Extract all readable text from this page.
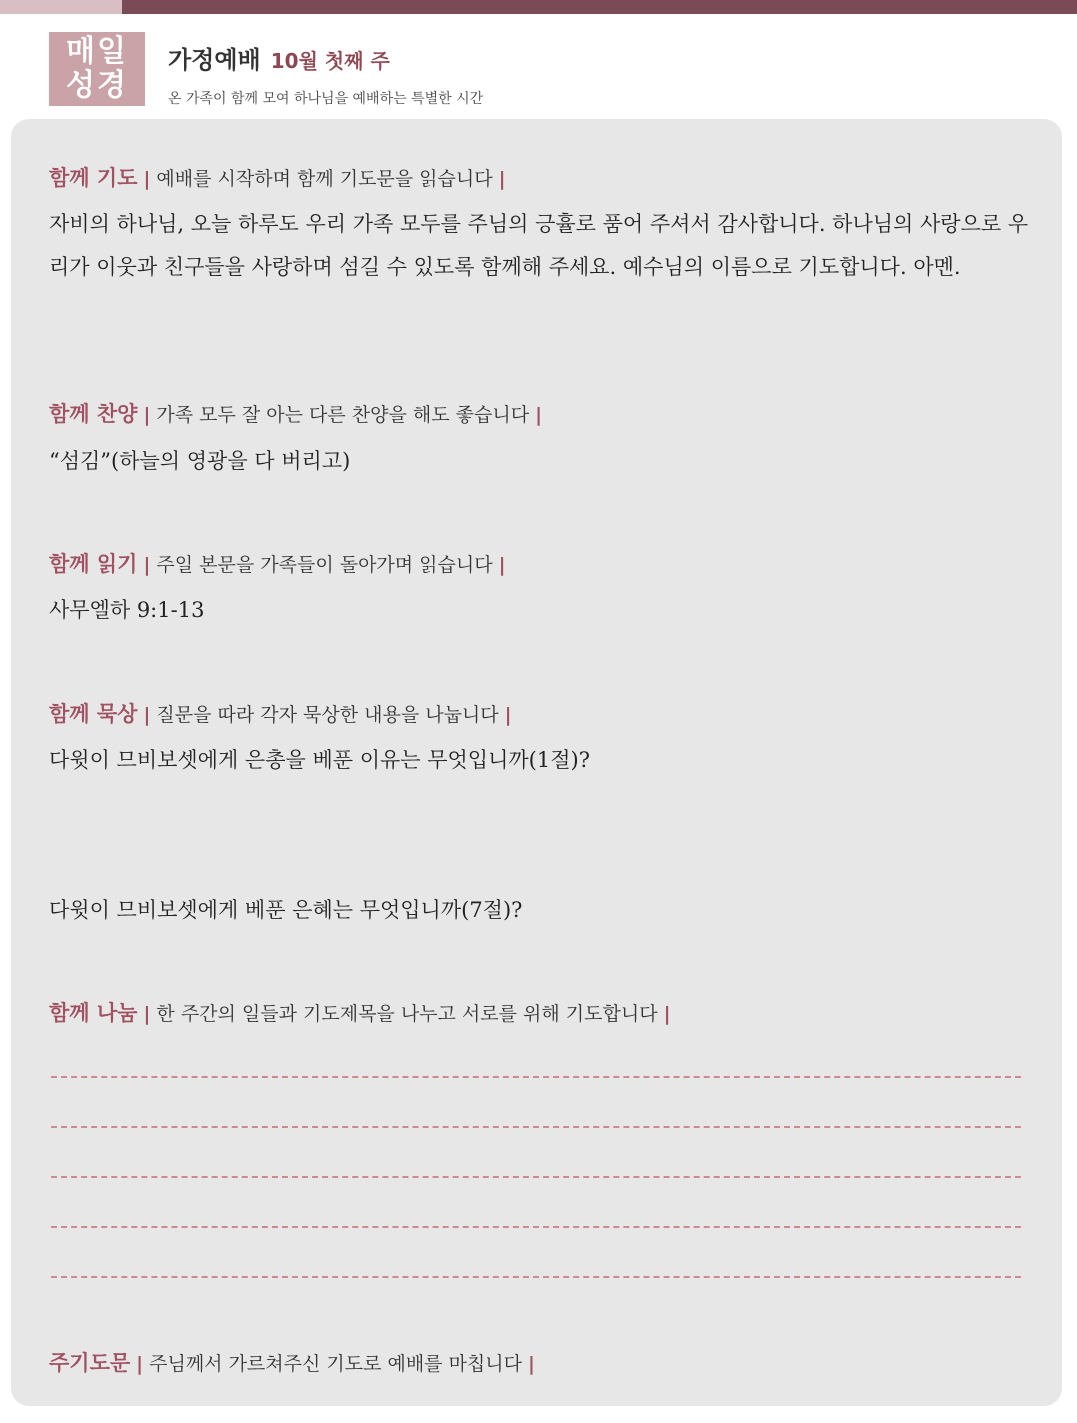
매일
성경
가정예배 10월 첫째 주
온 가족이 함께 모여 하나님을 예배하는 특별한 시간
함께 기도 | 예배를 시작하며 함께 기도문을 읽습니다 |
자비의 하나님, 오늘 하루도 우리 가족 모두를 주님의 긍휼로 품어 주셔서 감사합니다. 하나님의 사랑으로 우리가 이웃과 친구들을 사랑하며 섬길 수 있도록 함께해 주세요. 예수님의 이름으로 기도합니다. 아멘.
함께 찬양 | 가족 모두 잘 아는 다른 찬양을 해도 좋습니다 |
“섬김”(하늘의 영광을 다 버리고)
함께 읽기 | 주일 본문을 가족들이 돌아가며 읽습니다 |
사무엘하 9:1-13
함께 묵상 | 질문을 따라 각자 묵상한 내용을 나눕니다 |
다윗이 므비보셋에게 은총을 베푼 이유는 무엇입니까(1절)?
다윗이 므비보셋에게 베푼 은혜는 무엇입니까(7절)?
함께 나눔 | 한 주간의 일들과 기도제목을 나누고 서로를 위해 기도합니다 |
주기도문 | 주님께서 가르쳐주신 기도로 예배를 마칩니다 |
